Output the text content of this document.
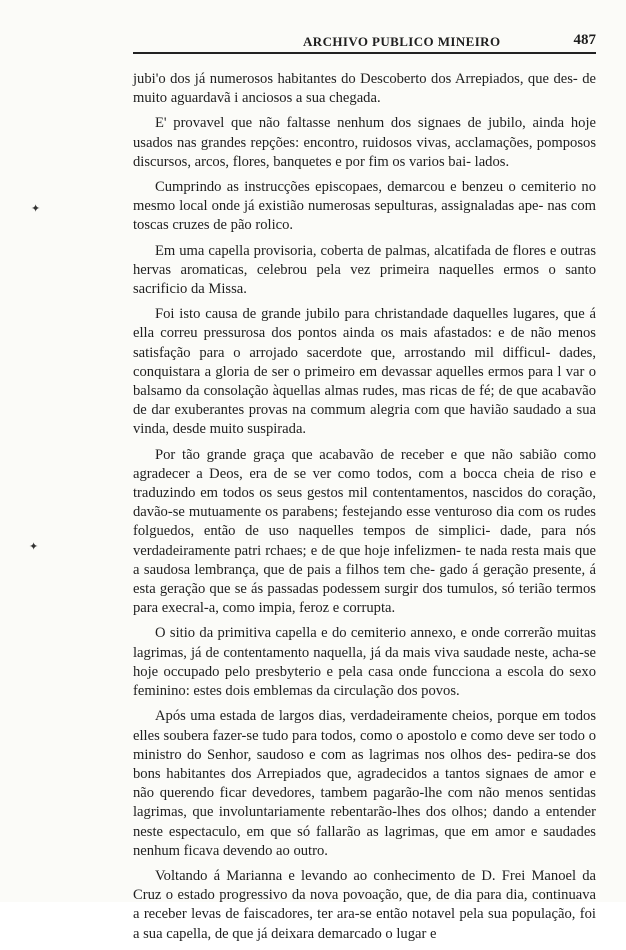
ARCHIVO PUBLICO MINEIRO	487
✦
✦

jubi'o dos já numerosos habitantes do Descoberto dos Arrepiados, que des- de muito aguardavã i anciosos a sua chegada.

E' provavel que não faltasse nenhum dos signaes de jubilo, ainda hoje usados nas grandes repções: encontro, ruidosos vivas, acclamações, pomposos discursos, arcos, flores, banquetes e por fim os varios bai- lados.

Cumprindo as instrucções episcopaes, demarcou e benzeu o cemiterio no mesmo local onde já existião numerosas sepulturas, assignaladas ape- nas com toscas cruzes de pão rolico.

Em uma capella provisoria, coberta de palmas, alcatifada de flores e outras hervas aromaticas, celebrou pela vez primeira naquelles ermos o santo sacrificio da Missa.

Foi isto causa de grande jubilo para christandade daquelles lugares, que á ella correu pressurosa dos pontos ainda os mais afastados: e de não menos satisfação para o arrojado sacerdote que, arrostando mil difficul- dades, conquistara a gloria de ser o primeiro em devassar aquelles ermos para l var o balsamo da consolação àquellas almas rudes, mas ricas de fé; de que acabavão de dar exuberantes provas na commum alegria com que havião saudado a sua vinda, desde muito suspirada.

Por tão grande graça que acabavão de receber e que não sabião como agradecer a Deos, era de se ver como todos, com a bocca cheia de riso e traduzindo em todos os seus gestos mil contentamentos, nascidos do coração, davão-se mutuamente os parabens; festejando esse venturoso dia com os rudes folguedos, então de uso naquelles tempos de simplici- dade, para nós verdadeiramente patri rchaes; e de que hoje infelizmen- te nada resta mais que a saudosa lembrança, que de pais a filhos tem che- gado á geração presente, á esta geração que se ás passadas podessem surgir dos tumulos, só terião termos para execral-a, como impia, feroz e corrupta.

O sitio da primitiva capella e do cemiterio annexo, e onde correrão muitas lagrimas, já de contentamento naquella, já da mais viva saudade neste, acha-se hoje occupado pelo presbyterio e pela casa onde funcciona a escola do sexo feminino: estes dois emblemas da circulação dos povos.

Após uma estada de largos dias, verdadeiramente cheios, porque em todos elles soubera fazer-se tudo para todos, como o apostolo e como deve ser todo o ministro do Senhor, saudoso e com as lagrimas nos olhos des- pedira-se dos bons habitantes dos Arrepiados que, agradecidos a tantos signaes de amor e não querendo ficar devedores, tambem pagarão-lhe com não menos sentidas lagrimas, que involuntariamente rebentarão-lhes dos olhos; dando a entender neste espectaculo, em que só fallarão as lagrimas, que em amor e saudades nenhum ficava devendo ao outro.

Voltando á Marianna e levando ao conhecimento de D. Frei Manoel da Cruz o estado progressivo da nova povoação, que, de dia para dia, continuava a receber levas de faiscadores, ter ara-se então notavel pela sua população, foi a sua capella, de que já deixara demarcado o lugar e
